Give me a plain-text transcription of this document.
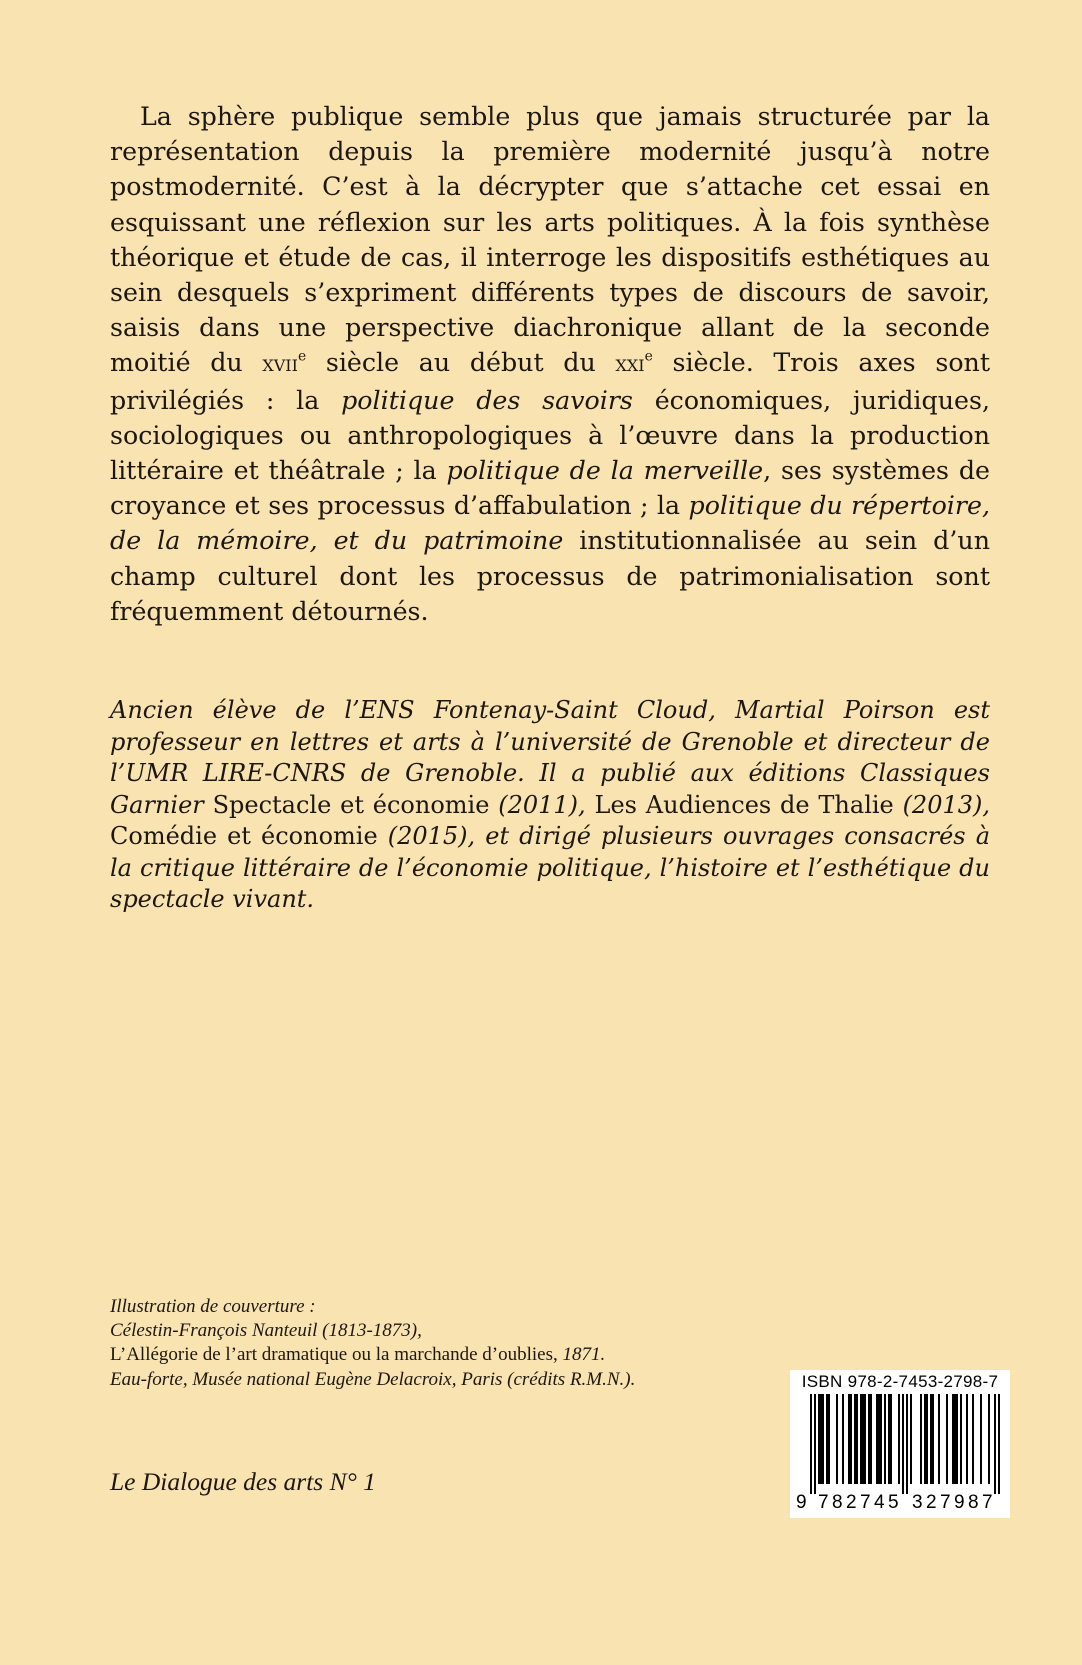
La sphère publique semble plus que jamais structurée par la représentation depuis la première modernité jusqu’à notre postmodernité. C’est à la décrypter que s’attache cet essai en esquissant une réflexion sur les arts politiques. À la fois synthèse théorique et étude de cas, il interroge les dispositifs esthétiques au sein desquels s’expriment différents types de discours de savoir, saisis dans une perspective diachronique allant de la seconde moitié du xvii$^e$ siècle au début du xxi$^e$ siècle. Trois axes sont privilégiés : la politique des savoirs économiques, juridiques, sociologiques ou anthropologiques à l’œuvre dans la production littéraire et théâtrale ; la politique de la merveille, ses systèmes de croyance et ses processus d’affabulation ; la politique du répertoire, de la mémoire, et du patrimoine institutionnalisée au sein d’un champ culturel dont les processus de patrimonialisation sont fréquemment détournés.

Ancien élève de l’ENS Fontenay-Saint Cloud, Martial Poirson est professeur en lettres et arts à l’université de Grenoble et directeur de l’UMR LIRE-CNRS de Grenoble. Il a publié aux éditions Classiques Garnier Spectacle et économie (2011), Les Audiences de Thalie (2013), Comédie et économie (2015), et dirigé plusieurs ouvrages consacrés à la critique littéraire de l’économie politique, l’histoire et l’esthétique du spectacle vivant.

Illustration de couverture :
Célestin-François Nanteuil (1813-1873),
L’Allégorie de l’art dramatique ou la marchande d’oublies, 1871.
Eau-forte, Musée national Eugène Delacroix, Paris (crédits R.M.N.).

Le Dialogue des arts N° 1

ISBN 978-2-7453-2798-7
9 7 8 2 7 4 5 3 2 7 9 8 7
